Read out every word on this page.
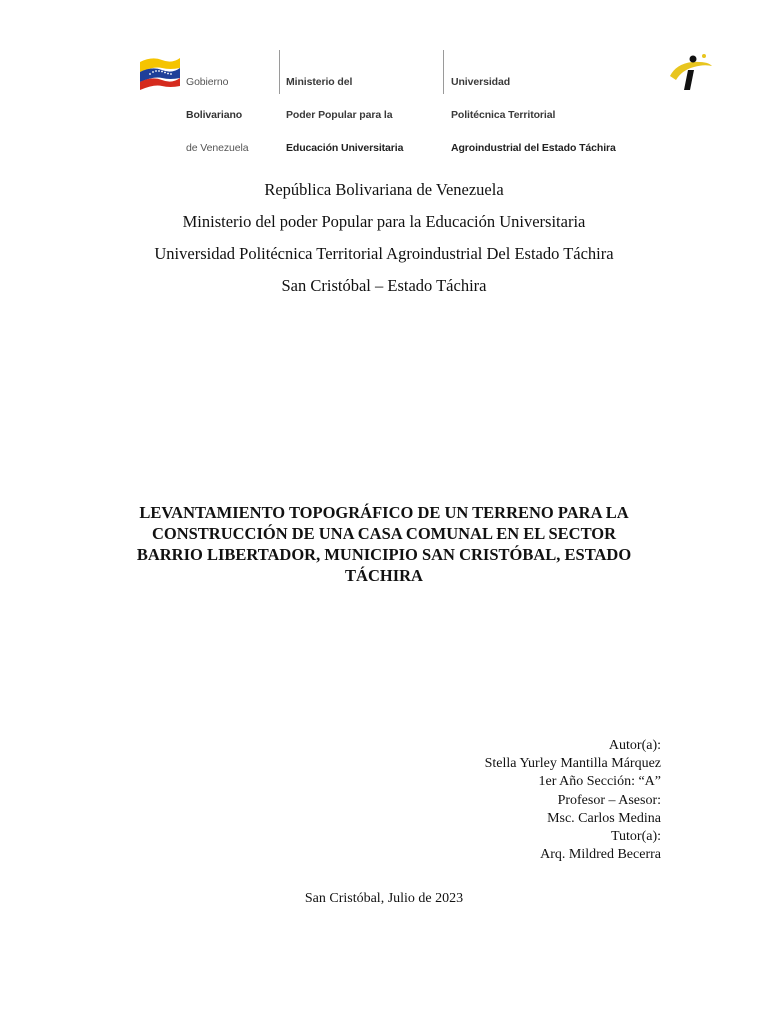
Gobierno

Bolivariano

de Venezuela

Ministerio del

Poder Popular para la

Educación Universitaria

Universidad

Politécnica Territorial

Agroindustrial del Estado Táchira

República Bolivariana de Venezuela
Ministerio del poder Popular para la Educación Universitaria
Universidad Politécnica Territorial Agroindustrial Del Estado Táchira
San Cristóbal – Estado Táchira
LEVANTAMIENTO TOPOGRÁFICO DE UN TERRENO PARA LA
CONSTRUCCIÓN DE UNA CASA COMUNAL EN EL SECTOR
BARRIO LIBERTADOR, MUNICIPIO SAN CRISTÓBAL, ESTADO
TÁCHIRA
Autor(a):
Stella Yurley Mantilla Márquez
1er Año Sección: “A”
Profesor – Asesor:
Msc. Carlos Medina
Tutor(a):
Arq. Mildred Becerra
San Cristóbal, Julio de 2023
